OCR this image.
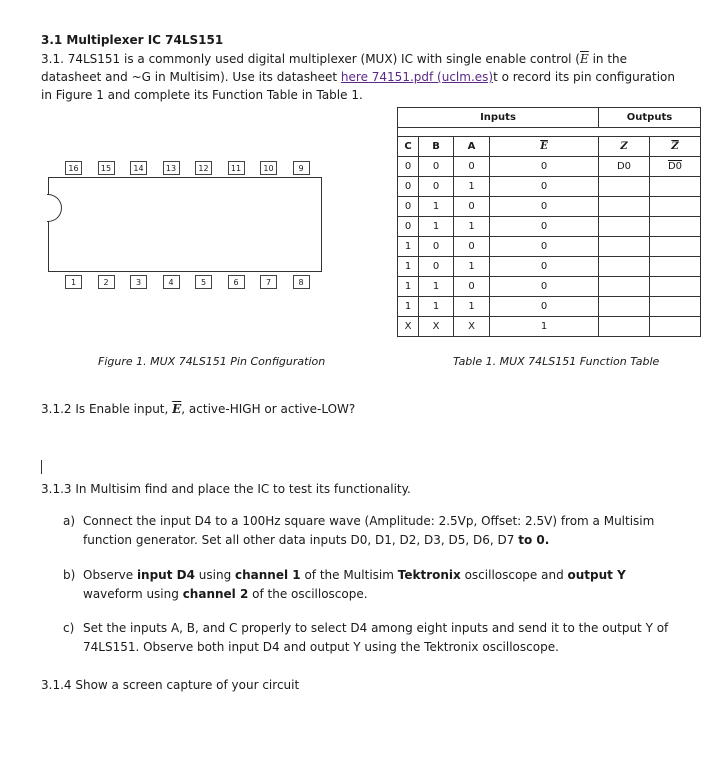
3.1 Multiplexer IC 74LS151
3.1. 74LS151 is a commonly used digital multiplexer (MUX) IC with single enable control ($\overline{E}$ in the datasheet and ~G in Multisim). Use its datasheet here 74151.pdf (uclm.es)t o record its pin configuration in Figure 1 and complete its Function Table in Table 1.
16	15	14	13	12	11	10	9
1	2	3	4	5	6	7	8
Figure 1. MUX 74LS151 Pin Configuration
Inputs				Outputs	

C	B	A	$\overline{E}$	Z	$\overline{Z}$
0	0	0	0	D0	D0
0	0	1	0		
0	1	0	0		
0	1	1	0		
1	0	0	0		
1	0	1	0		
1	1	0	0		
1	1	1	0		
X	X	X	1		
Table 1. MUX 74LS151 Function Table
3.1.2 Is Enable input, $\overline{E}$, active-HIGH or active-LOW?
3.1.3 In Multisim find and place the IC to test its functionality.
a) Connect the input D4 to a 100Hz square wave (Amplitude: 2.5Vp, Offset: 2.5V) from a Multisim function generator. Set all other data inputs D0, D1, D2, D3, D5, D6, D7 to 0.
b) Observe input D4 using channel 1 of the Multisim Tektronix oscilloscope and output Y waveform using channel 2 of the oscilloscope.
c) Set the inputs A, B, and C properly to select D4 among eight inputs and send it to the output Y of 74LS151. Observe both input D4 and output Y using the Tektronix oscilloscope.
3.1.4 Show a screen capture of your circuit
